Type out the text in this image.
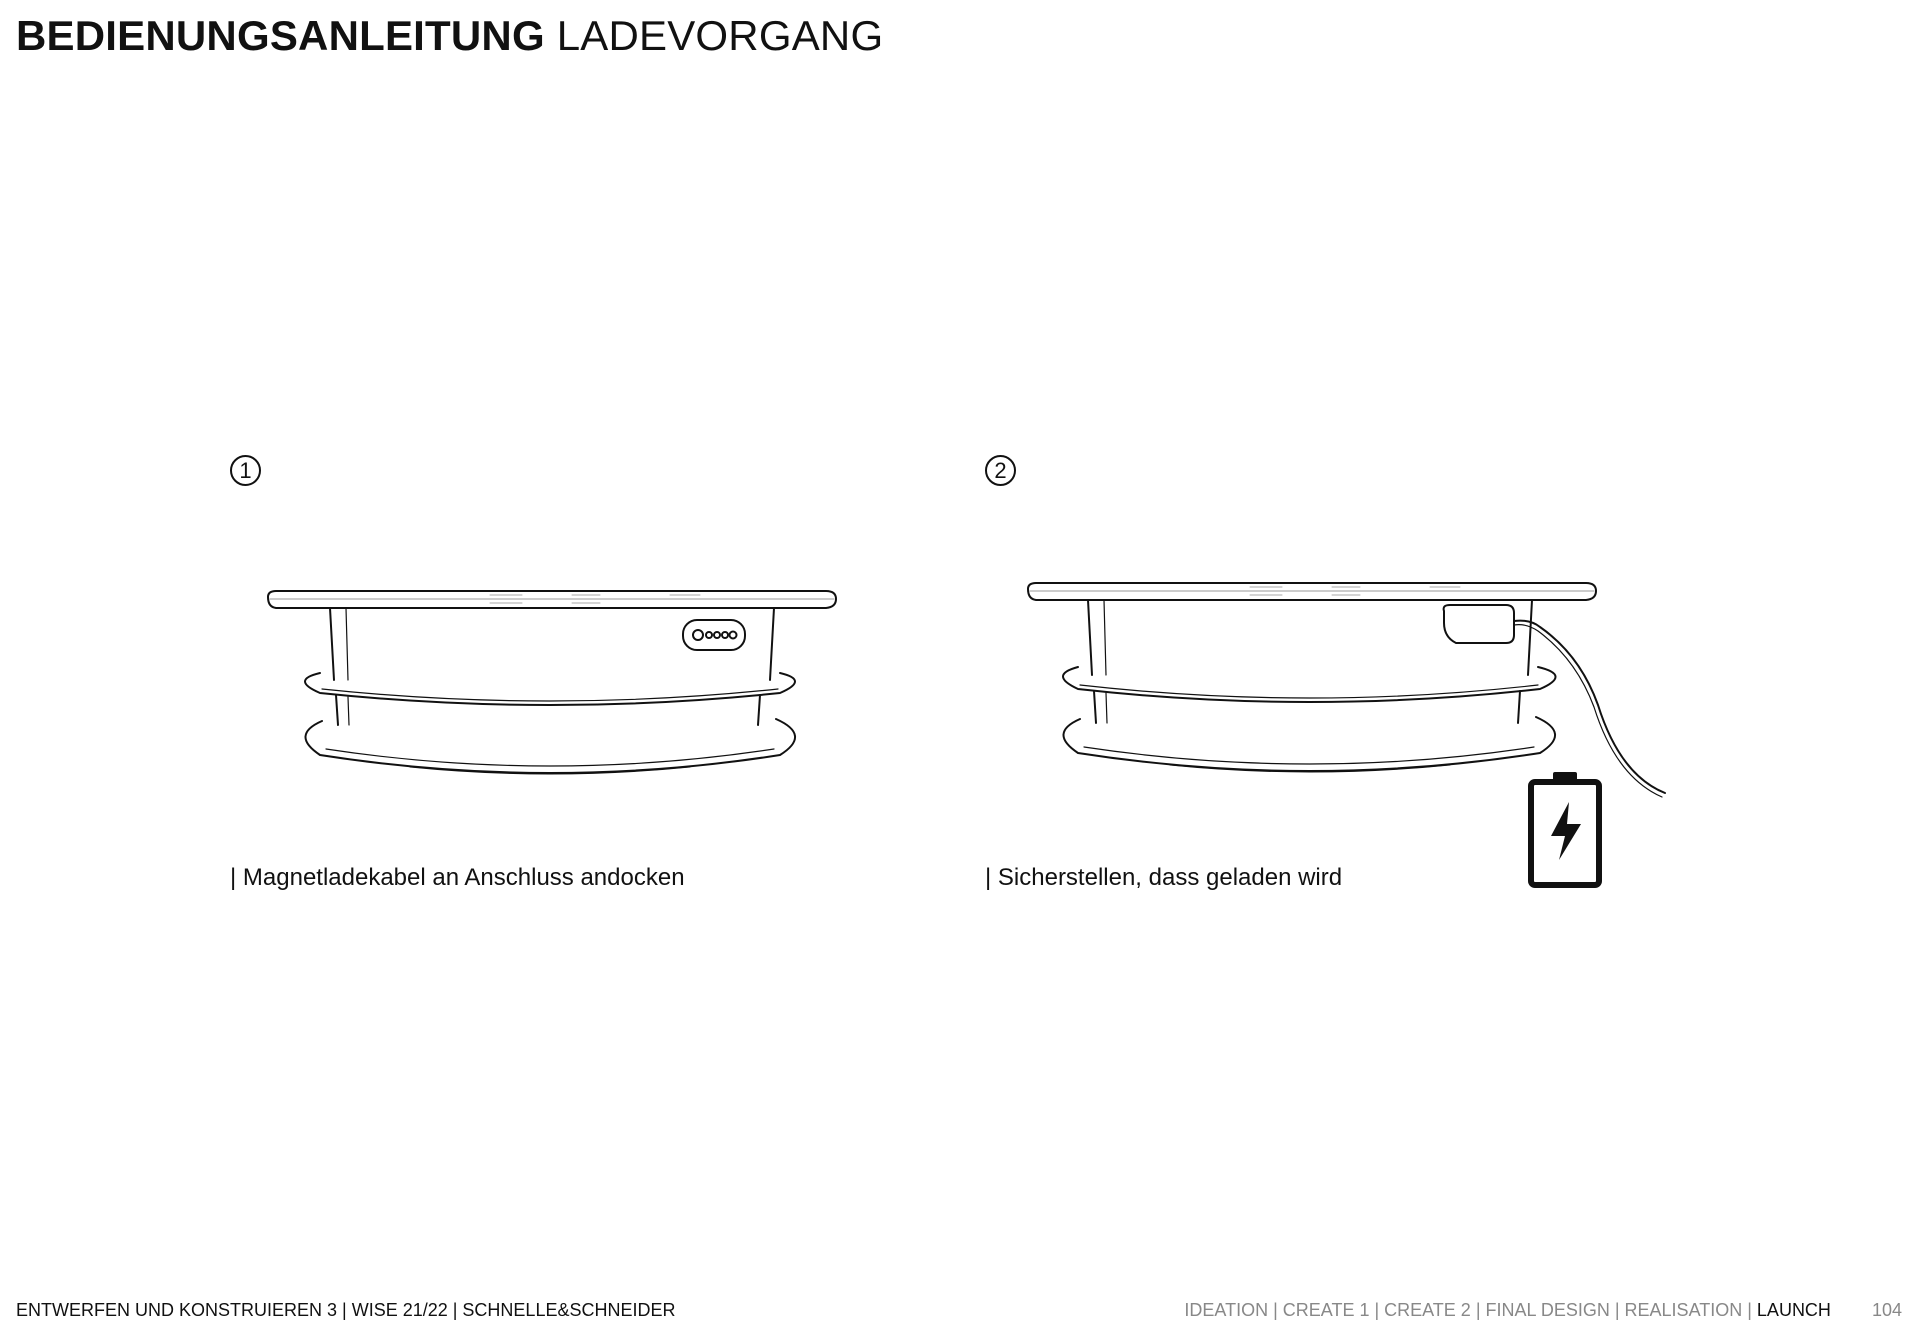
BEDIENUNGSANLEITUNG LADEVORGANG
1
| Magnetladekabel an Anschluss andocken
2
| Sicherstellen, dass geladen wird
ENTWERFEN UND KONSTRUIEREN 3 | WISE 21/22 | SCHNELLE&SCHNEIDER	IDEATION | CREATE 1 | CREATE 2 | FINAL DESIGN | REALISATION | LAUNCH 104
